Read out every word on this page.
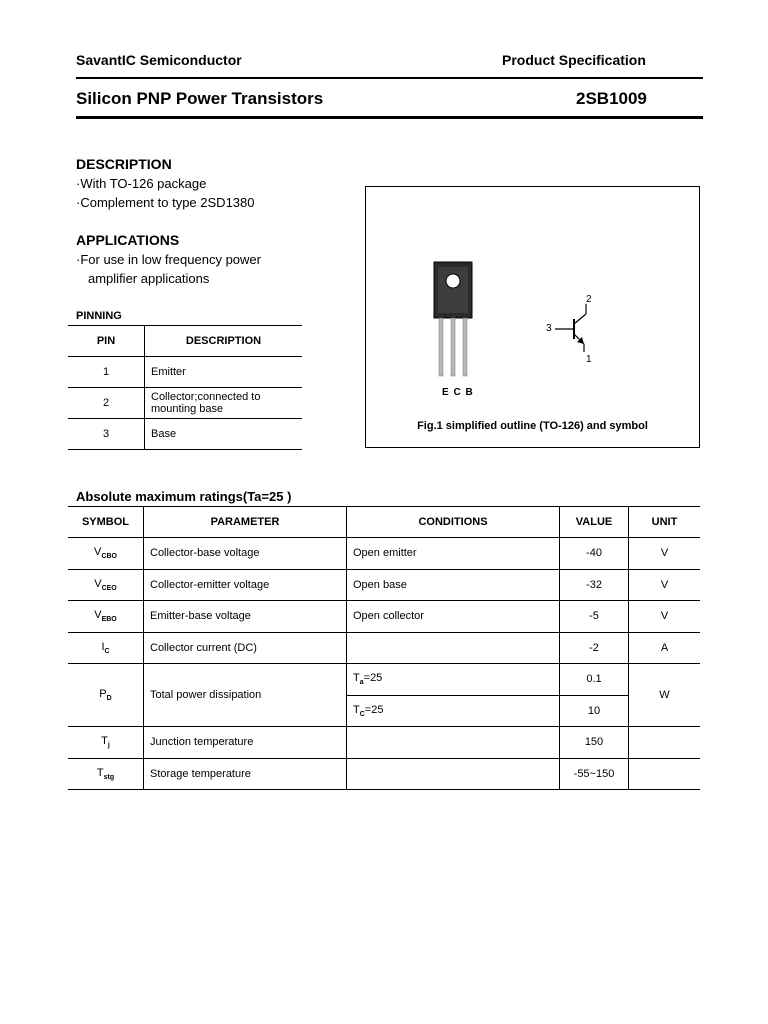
SavantIC Semiconductor	Product Specification
Silicon PNP Power Transistors	2SB1009
DESCRIPTION
·With TO-126 package
·Complement to type 2SD1380
APPLICATIONS
·For use in low frequency power
amplifier applications
PINNING
PIN	DESCRIPTION
1	Emitter
2	Collector;connected to mounting base
3	Base
2
3
1
E C B
Fig.1 simplified outline (TO-126) and symbol
Absolute maximum ratings(Ta=25 )
SYMBOL	PARAMETER	CONDITIONS	VALUE	UNIT
$V_{CBO}$	Collector-base voltage	Open emitter	-40	V
$V_{CEO}$	Collector-emitter voltage	Open base	-32	V
$V_{EBO}$	Emitter-base voltage	Open collector	-5	V
$I_C$	Collector current (DC)		-2	A
$P_D$	Total power dissipation	$T_a=25$	0.1	W
		$T_C=25$	10	
$T_j$	Junction temperature		150	
$T_{stg}$	Storage temperature		-55~150	
